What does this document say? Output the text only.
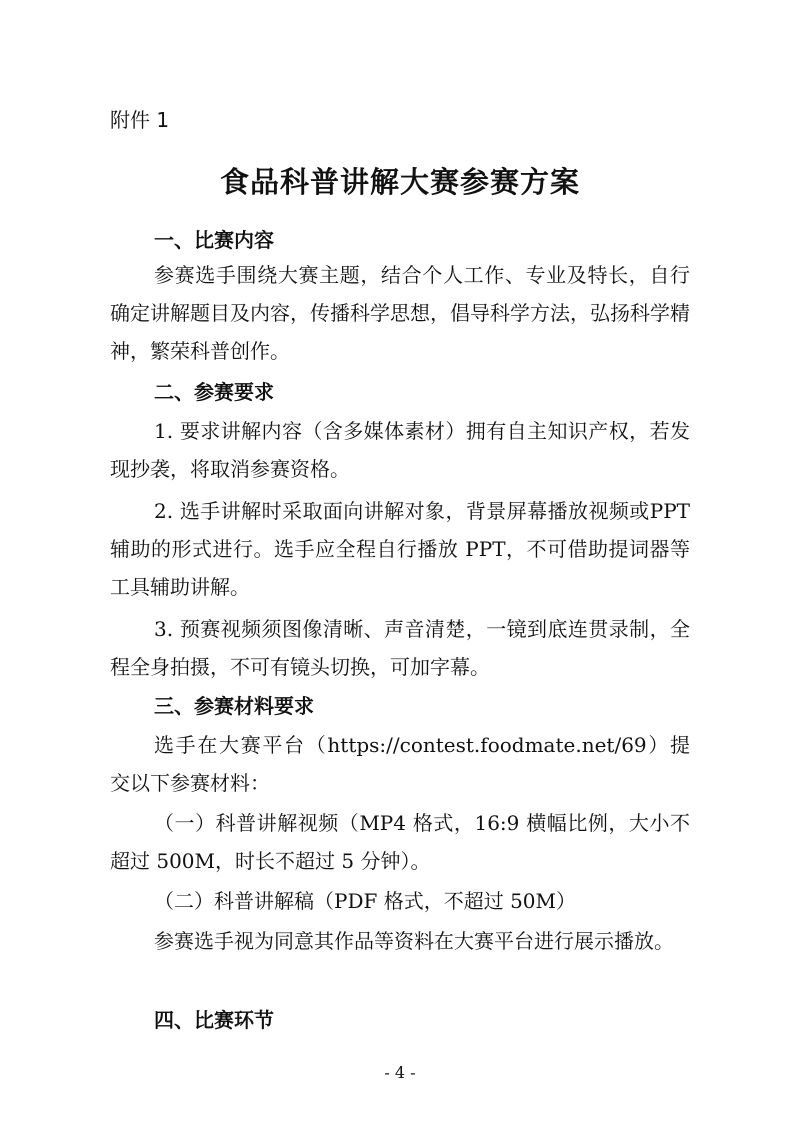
附件 1
食品科普讲解大赛参赛方案
一、比赛内容
参赛选手围绕大赛主题，结合个人工作、专业及特长，自行确定讲解题目及内容，传播科学思想，倡导科学方法，弘扬科学精神，繁荣科普创作。
二、参赛要求
1. 要求讲解内容（含多媒体素材）拥有自主知识产权，若发现抄袭，将取消参赛资格。
2. 选手讲解时采取面向讲解对象，背景屏幕播放视频或PPT 辅助的形式进行。选手应全程自行播放 PPT，不可借助提词器等工具辅助讲解。
3. 预赛视频须图像清晰、声音清楚，一镜到底连贯录制，全程全身拍摄，不可有镜头切换，可加字幕。
三、参赛材料要求
选手在大赛平台（https://contest.foodmate.net/69）提交以下参赛材料：
（一）科普讲解视频（MP4 格式，16:9 横幅比例，大小不超过 500M，时长不超过 5 分钟）。
（二）科普讲解稿（PDF 格式，不超过 50M）
参赛选手视为同意其作品等资料在大赛平台进行展示播放。
四、比赛环节
- 4 -
